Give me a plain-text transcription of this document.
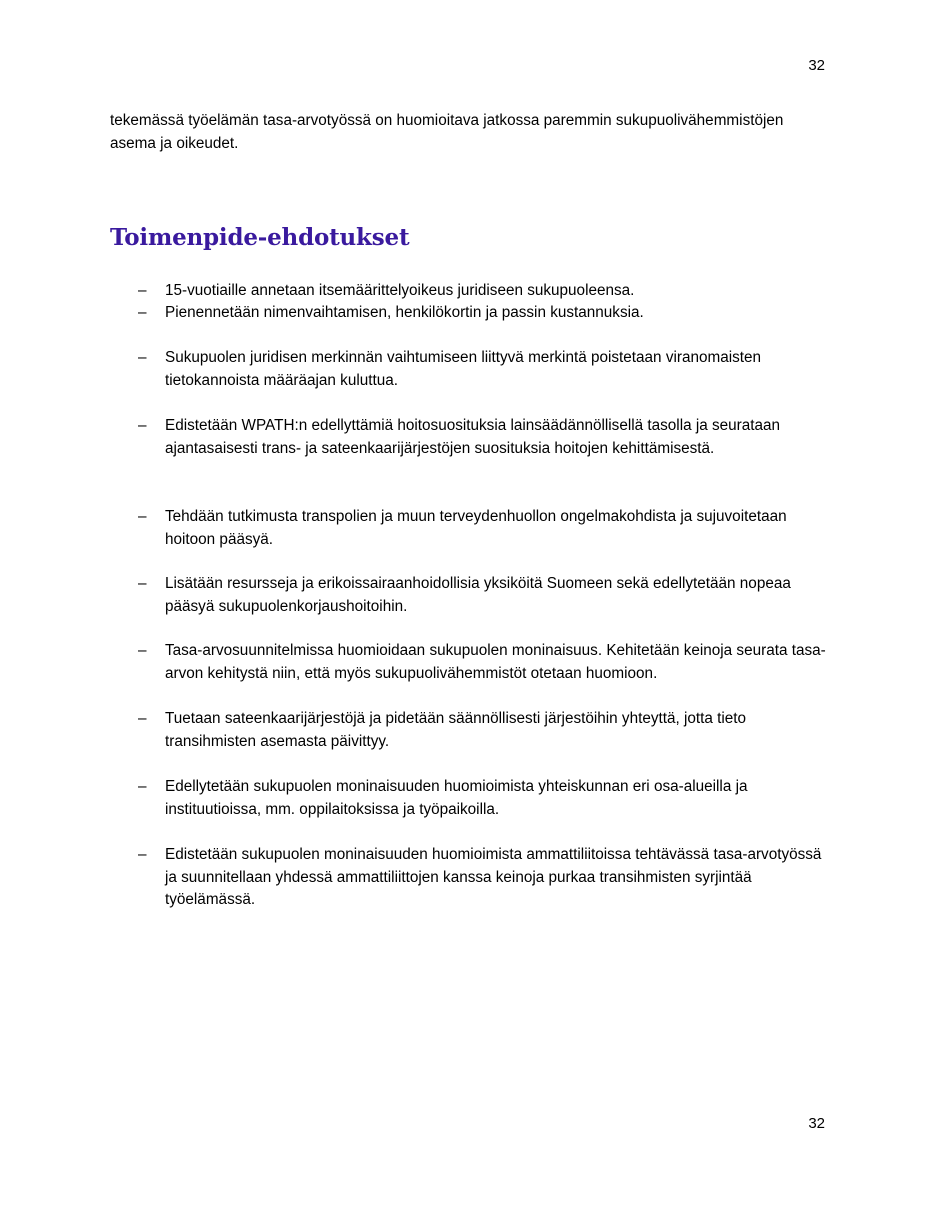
32

tekemässä työelämän tasa-arvotyössä on huomioitava jatkossa paremmin sukupuolivähemmistöjen asema ja oikeudet.

Toimenpide-ehdotukset
– 15-vuotiaille annetaan itsemäärittelyoikeus juridiseen sukupuoleensa.
– Pienennetään nimenvaihtamisen, henkilökortin ja passin kustannuksia.
– Sukupuolen juridisen merkinnän vaihtumiseen liittyvä merkintä poistetaan viranomaisten tietokannoista määräajan kuluttua.
– Edistetään WPATH:n edellyttämiä hoitosuosituksia lainsäädännöllisellä tasolla ja seurataan ajantasaisesti trans- ja sateenkaarijärjestöjen suosituksia hoitojen kehittämisestä.
– Tehdään tutkimusta transpolien ja muun terveydenhuollon ongelmakohdista ja sujuvoitetaan hoitoon pääsyä.
– Lisätään resursseja ja erikoissairaanhoidollisia yksiköitä Suomeen sekä edellytetään nopeaa pääsyä sukupuolenkorjaushoitoihin.
– Tasa-arvosuunnitelmissa huomioidaan sukupuolen moninaisuus. Kehitetään keinoja seurata tasa-arvon kehitystä niin, että myös sukupuolivähemmistöt otetaan huomioon.
– Tuetaan sateenkaarijärjestöjä ja pidetään säännöllisesti järjestöihin yhteyttä, jotta tieto transihmisten asemasta päivittyy.
– Edellytetään sukupuolen moninaisuuden huomioimista yhteiskunnan eri osa-alueilla ja instituutioissa, mm. oppilaitoksissa ja työpaikoilla.
– Edistetään sukupuolen moninaisuuden huomioimista ammattiliitoissa tehtävässä tasa-arvotyössä ja suunnitellaan yhdessä ammattiliittojen kanssa keinoja purkaa transihmisten syrjintää työelämässä.
32
